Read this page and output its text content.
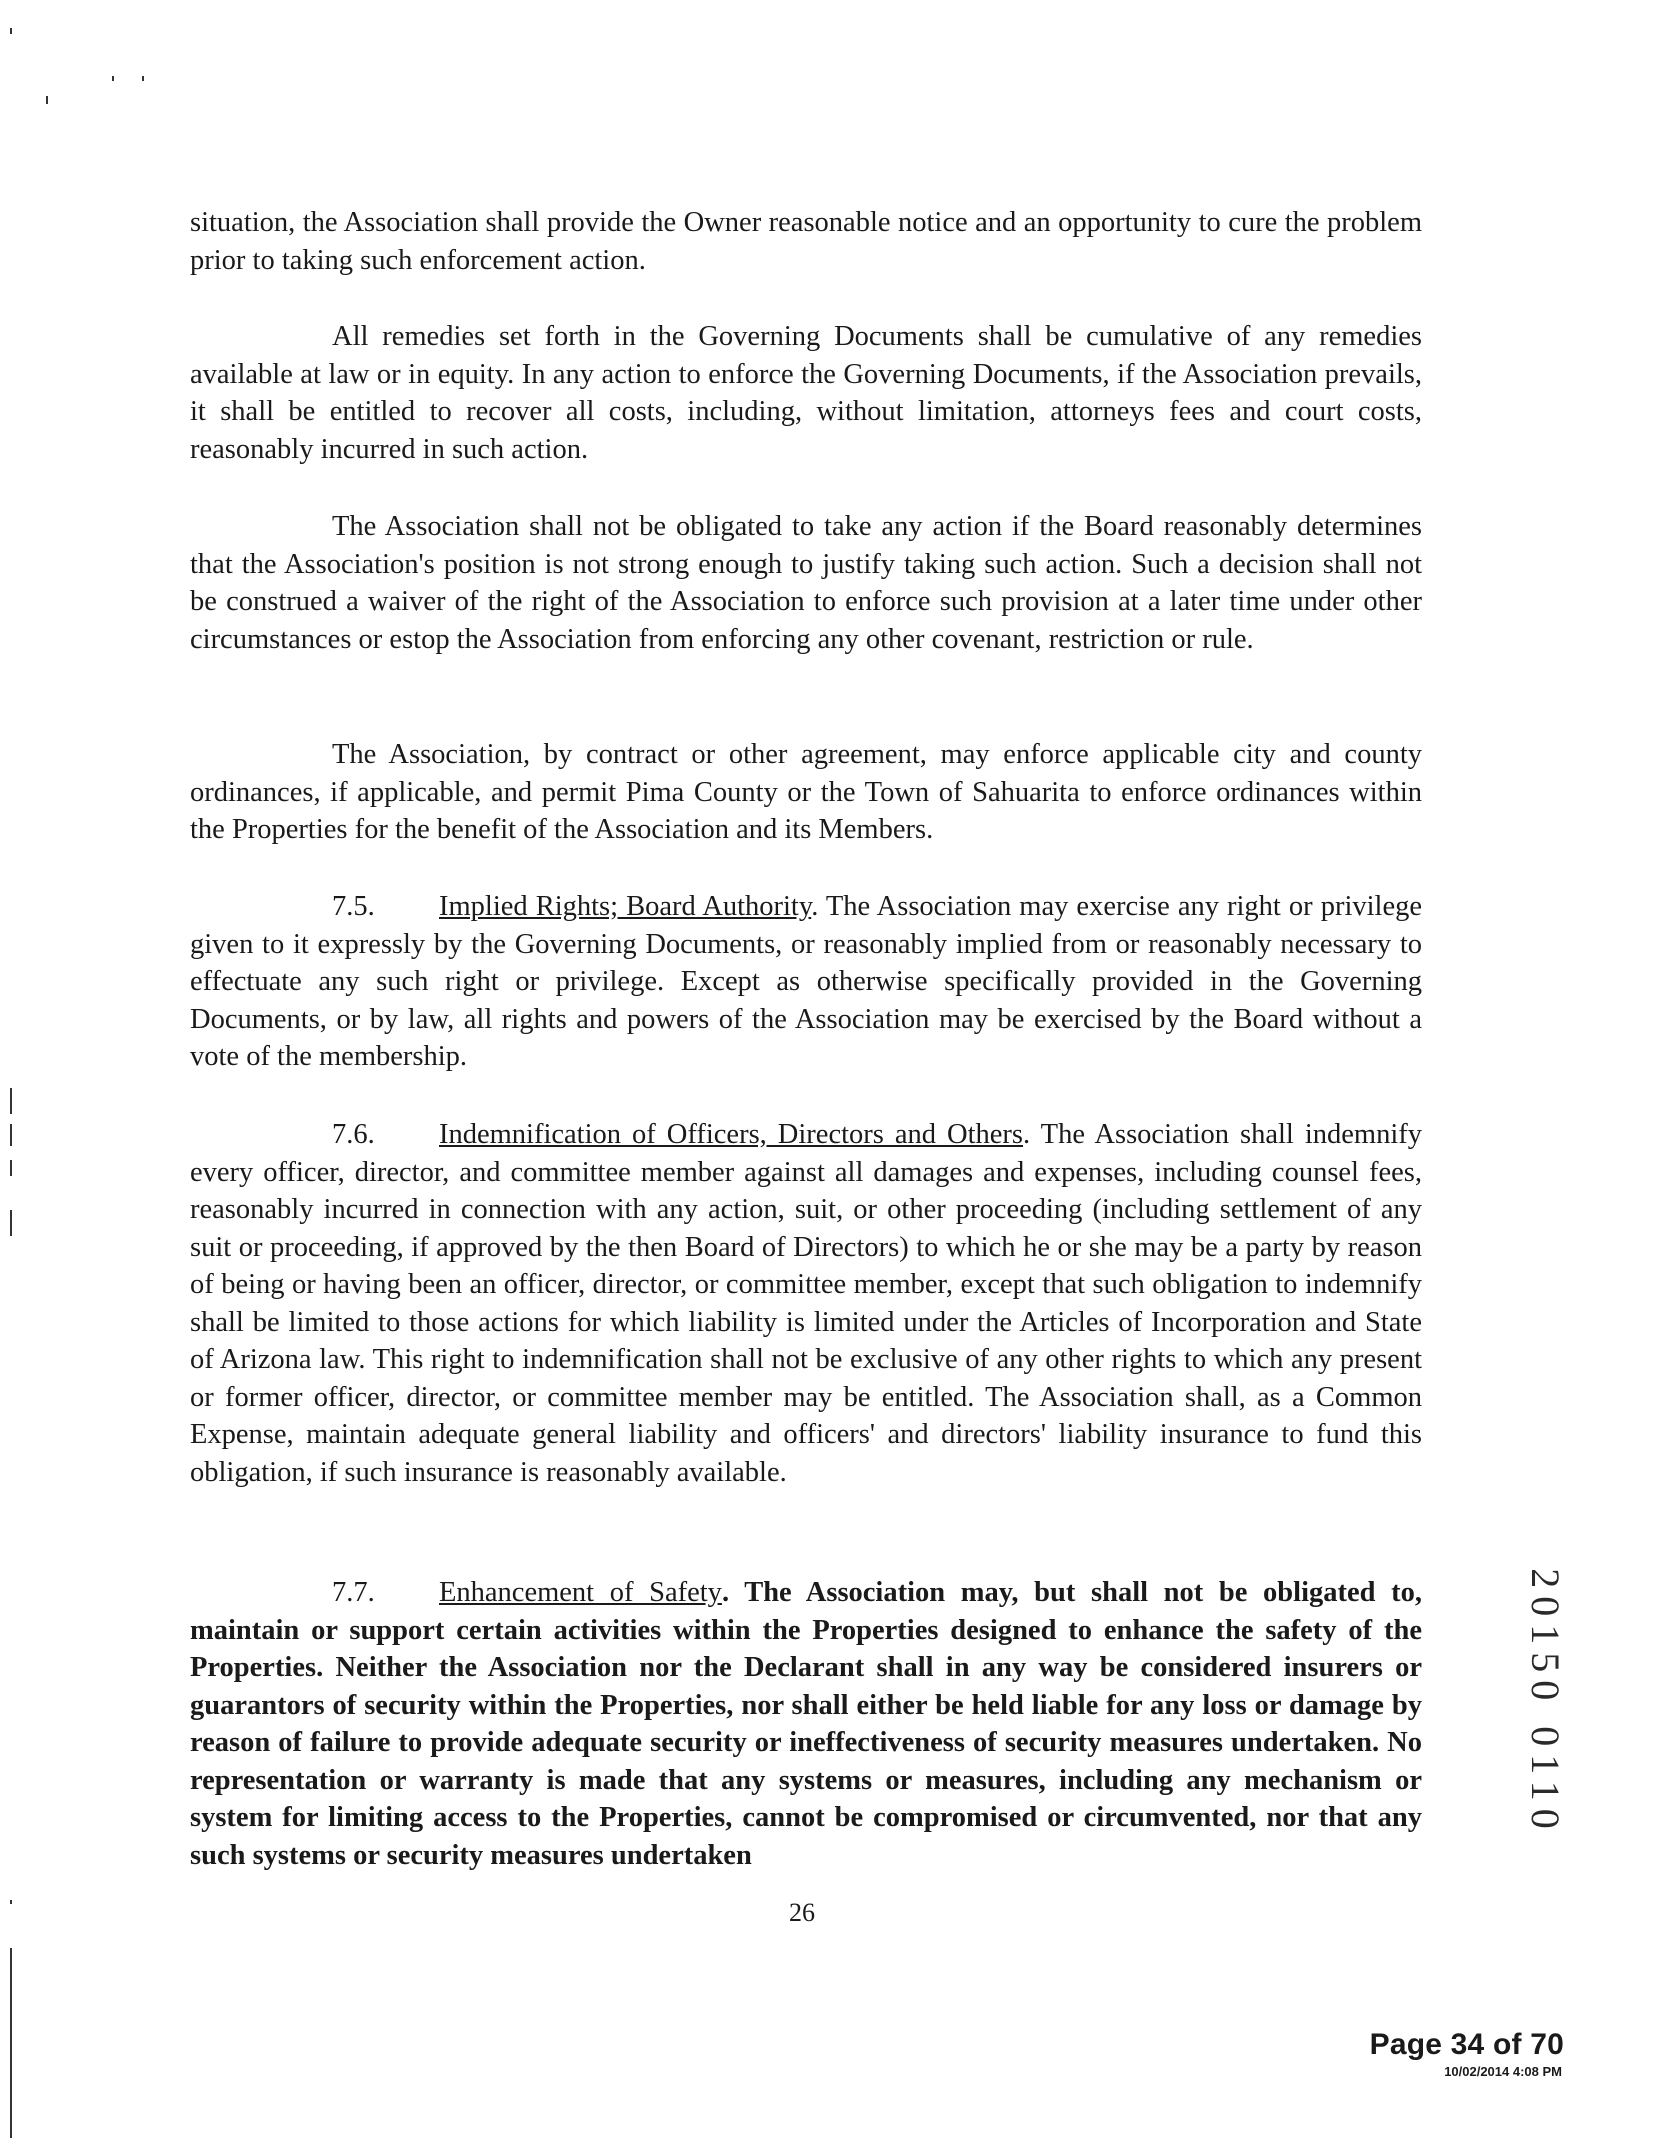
situation, the Association shall provide the Owner reasonable notice and an opportunity to cure the problem prior to taking such enforcement action.
All remedies set forth in the Governing Documents shall be cumulative of any remedies available at law or in equity. In any action to enforce the Governing Documents, if the Association prevails, it shall be entitled to recover all costs, including, without limitation, attorneys fees and court costs, reasonably incurred in such action.
The Association shall not be obligated to take any action if the Board reasonably determines that the Association's position is not strong enough to justify taking such action. Such a decision shall not be construed a waiver of the right of the Association to enforce such provision at a later time under other circumstances or estop the Association from enforcing any other covenant, restriction or rule.
The Association, by contract or other agreement, may enforce applicable city and county ordinances, if applicable, and permit Pima County or the Town of Sahuarita to enforce ordinances within the Properties for the benefit of the Association and its Members.
7.5. Implied Rights; Board Authority. The Association may exercise any right or privilege given to it expressly by the Governing Documents, or reasonably implied from or reasonably necessary to effectuate any such right or privilege. Except as otherwise specifically provided in the Governing Documents, or by law, all rights and powers of the Association may be exercised by the Board without a vote of the membership.
7.6. Indemnification of Officers, Directors and Others. The Association shall indemnify every officer, director, and committee member against all damages and expenses, including counsel fees, reasonably incurred in connection with any action, suit, or other proceeding (including settlement of any suit or proceeding, if approved by the then Board of Directors) to which he or she may be a party by reason of being or having been an officer, director, or committee member, except that such obligation to indemnify shall be limited to those actions for which liability is limited under the Articles of Incorporation and State of Arizona law. This right to indemnification shall not be exclusive of any other rights to which any present or former officer, director, or committee member may be entitled. The Association shall, as a Common Expense, maintain adequate general liability and officers' and directors' liability insurance to fund this obligation, if such insurance is reasonably available.
7.7. Enhancement of Safety. The Association may, but shall not be obligated to, maintain or support certain activities within the Properties designed to enhance the safety of the Properties. Neither the Association nor the Declarant shall in any way be considered insurers or guarantors of security within the Properties, nor shall either be held liable for any loss or damage by reason of failure to provide adequate security or ineffectiveness of security measures undertaken. No representation or warranty is made that any systems or measures, including any mechanism or system for limiting access to the Properties, cannot be compromised or circumvented, nor that any such systems or security measures undertaken
26
20150 0110
Page 34 of 70
10/02/2014 4:08 PM
